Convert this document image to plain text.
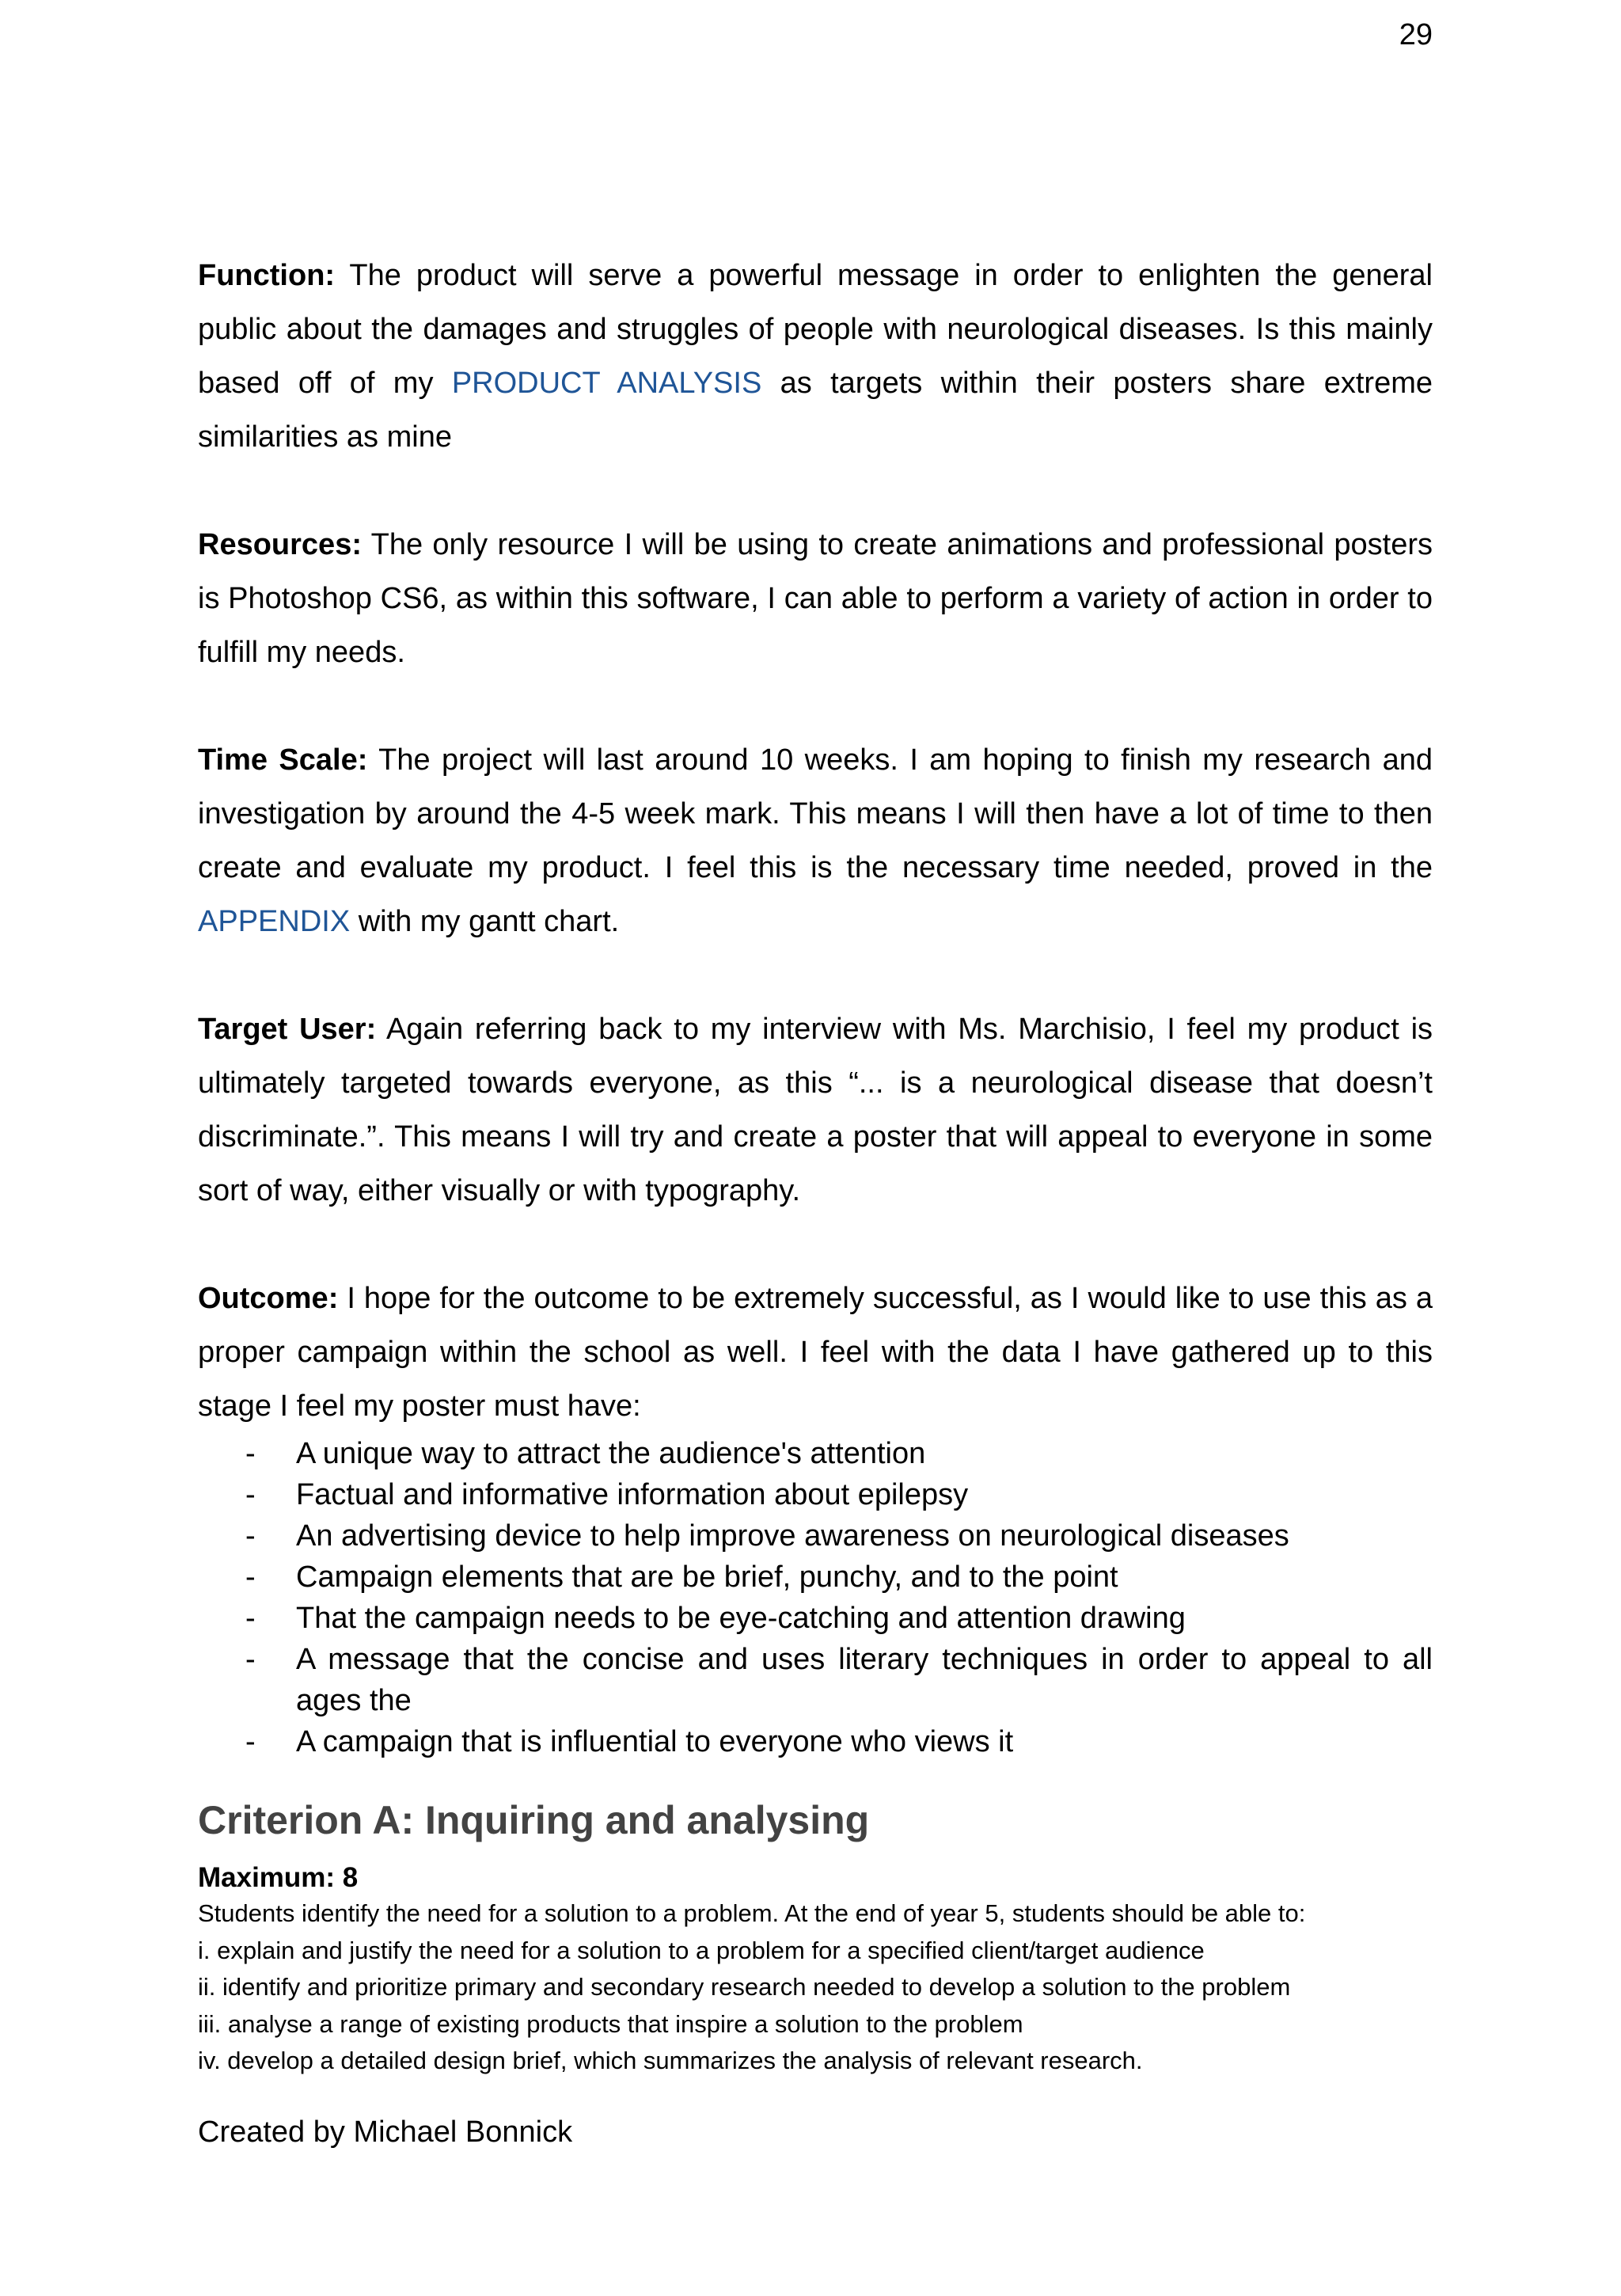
29

Function: The product will serve a powerful message in order to enlighten the general public about the damages and struggles of people with neurological diseases. Is this mainly based off of my PRODUCT ANALYSIS as targets within their posters share extreme similarities as mine

Resources: The only resource I will be using to create animations and professional posters is Photoshop CS6, as within this software, I can able to perform a variety of action in order to fulfill my needs.

Time Scale: The project will last around 10 weeks. I am hoping to finish my research and investigation by around the 4-5 week mark. This means I will then have a lot of time to then create and evaluate my product. I feel this is the necessary time needed, proved in the APPENDIX with my gantt chart.

Target User: Again referring back to my interview with Ms. Marchisio, I feel my product is ultimately targeted towards everyone, as this “... is a neurological disease that doesn’t discriminate.”. This means I will try and create a poster that will appeal to everyone in some sort of way, either visually or with typography.

Outcome: I hope for the outcome to be extremely successful, as I would like to use this as a proper campaign within the school as well. I feel with the data I have gathered up to this stage I feel my poster must have:

- A unique way to attract the audience's attention
- Factual and informative information about epilepsy
- An advertising device to help improve awareness on neurological diseases
- Campaign elements that are be brief, punchy, and to the point
- That the campaign needs to be eye-catching and attention drawing
- A message that the concise and uses literary techniques in order to appeal to all ages the
- A campaign that is influential to everyone who views it
Criterion A: Inquiring and analysing
Maximum: 8
Students identify the need for a solution to a problem. At the end of year 5, students should be able to:
i. explain and justify the need for a solution to a problem for a specified client/target audience
ii. identify and prioritize primary and secondary research needed to develop a solution to the problem
iii. analyse a range of existing products that inspire a solution to the problem
iv. develop a detailed design brief, which summarizes the analysis of relevant research.
Created by Michael Bonnick
